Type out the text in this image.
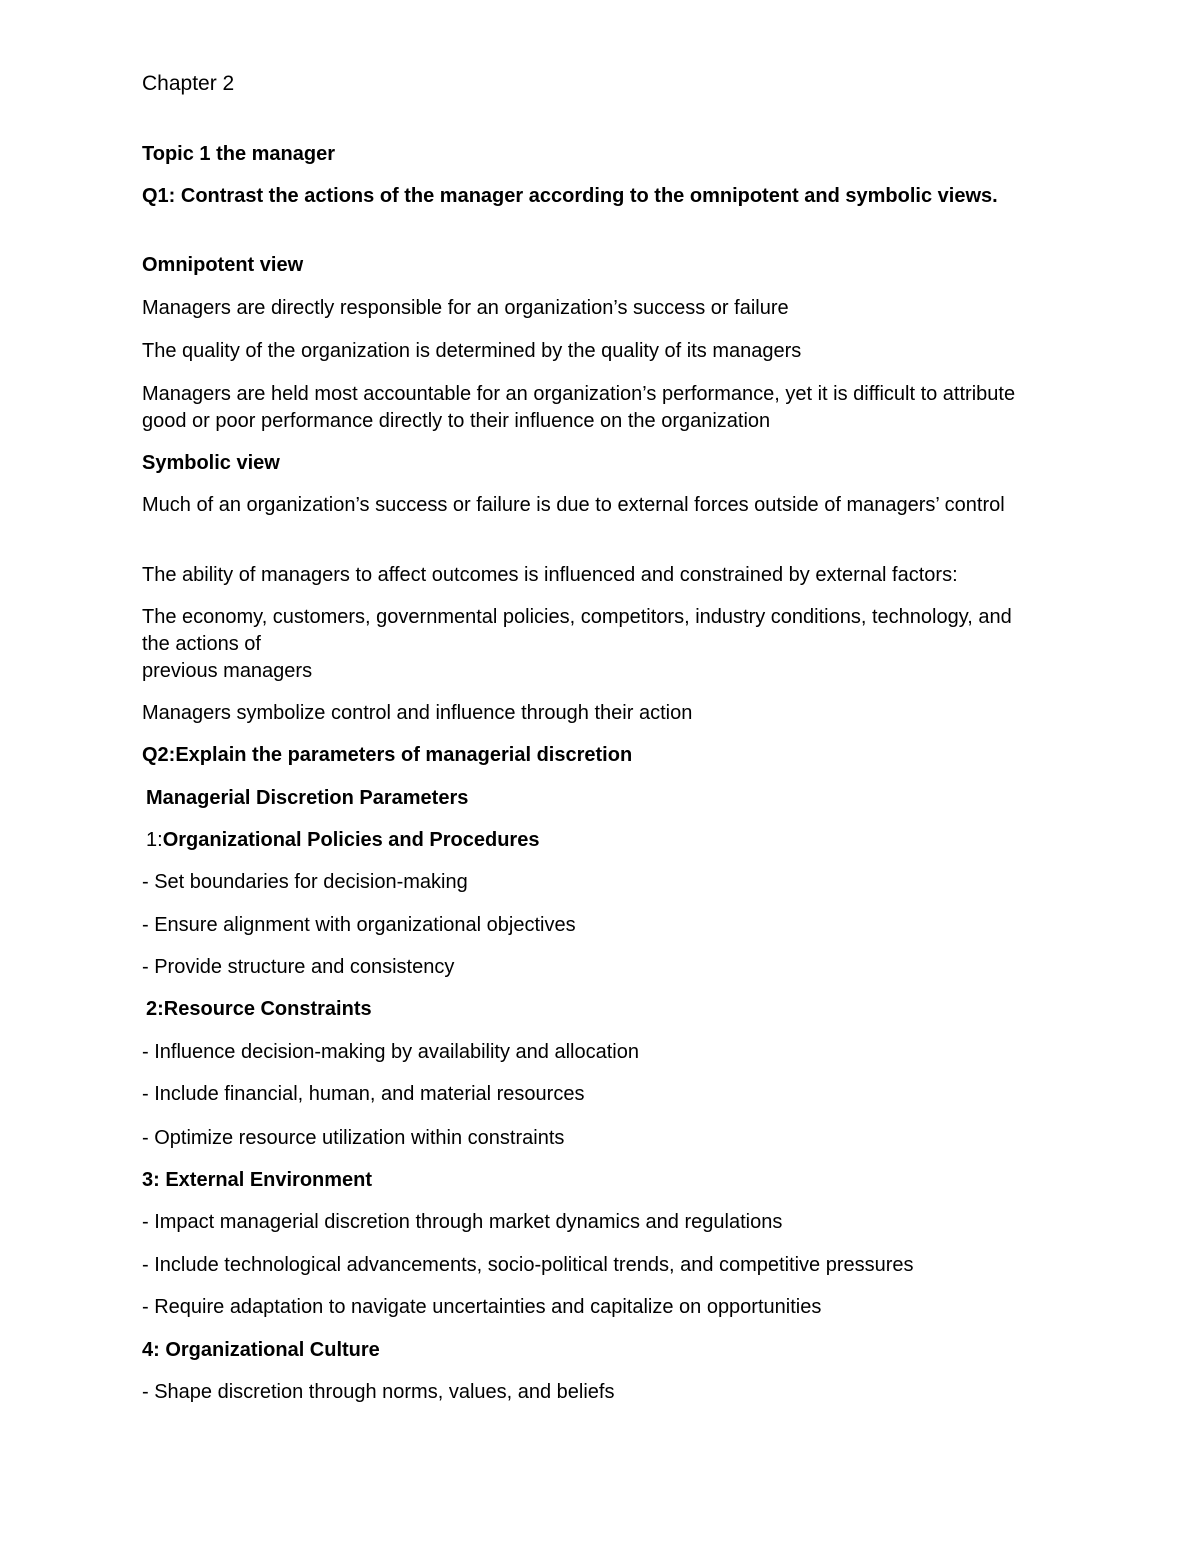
Chapter 2
Topic 1 the manager
Q1: Contrast the actions of the manager according to the omnipotent and symbolic views.
Omnipotent view
Managers are directly responsible for an organization’s success or failure
The quality of the organization is determined by the quality of its managers
Managers are held most accountable for an organization’s performance, yet it is difficult to attribute good or poor performance directly to their influence on the organization
Symbolic view
Much of an organization’s success or failure is due to external forces outside of managers’ control
The ability of managers to affect outcomes is influenced and constrained by external factors:
The economy, customers, governmental policies, competitors, industry conditions, technology, and the actions of
previous managers
Managers symbolize control and influence through their action
Q2:Explain the parameters of managerial discretion
Managerial Discretion Parameters
1:Organizational Policies and Procedures
- Set boundaries for decision-making
- Ensure alignment with organizational objectives
- Provide structure and consistency
2:Resource Constraints
- Influence decision-making by availability and allocation
- Include financial, human, and material resources
- Optimize resource utilization within constraints
3: External Environment
- Impact managerial discretion through market dynamics and regulations
- Include technological advancements, socio-political trends, and competitive pressures
- Require adaptation to navigate uncertainties and capitalize on opportunities
4: Organizational Culture
- Shape discretion through norms, values, and beliefs
